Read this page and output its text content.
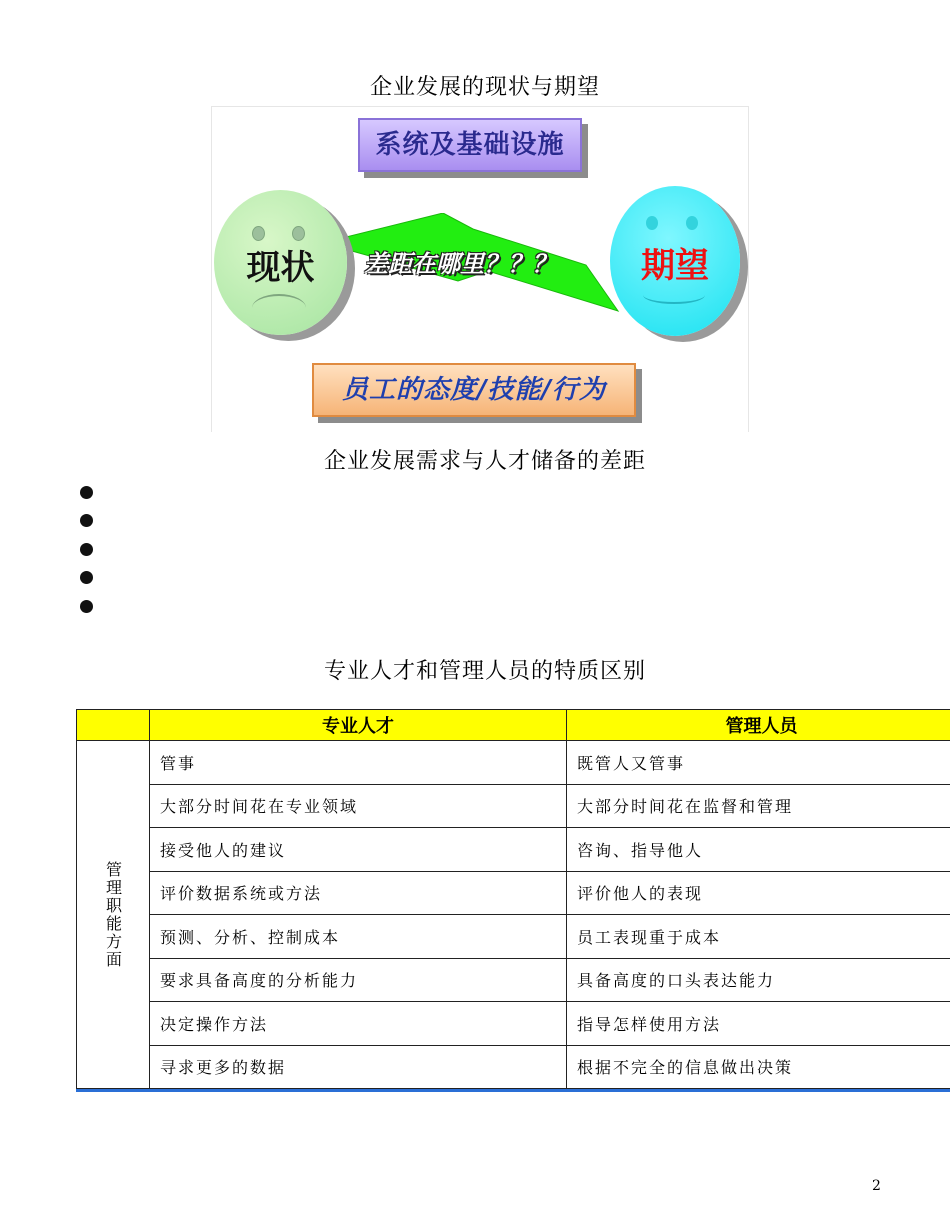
企业发展的现状与期望
系统及基础设施
现状	期望
差距在哪里？？？
员工的态度/技能/行为
企业发展需求与人才储备的差距

专业人才和管理人员的特质区别
	专业人才	管理人员
管理职能方面	管事	既管人又管事
	大部分时间花在专业领域	大部分时间花在监督和管理
	接受他人的建议	咨询、指导他人
	评价数据系统或方法	评价他人的表现
	预测、分析、控制成本	员工表现重于成本
	要求具备高度的分析能力	具备高度的口头表达能力
	决定操作方法	指导怎样使用方法
	寻求更多的数据	根据不完全的信息做出决策
2
